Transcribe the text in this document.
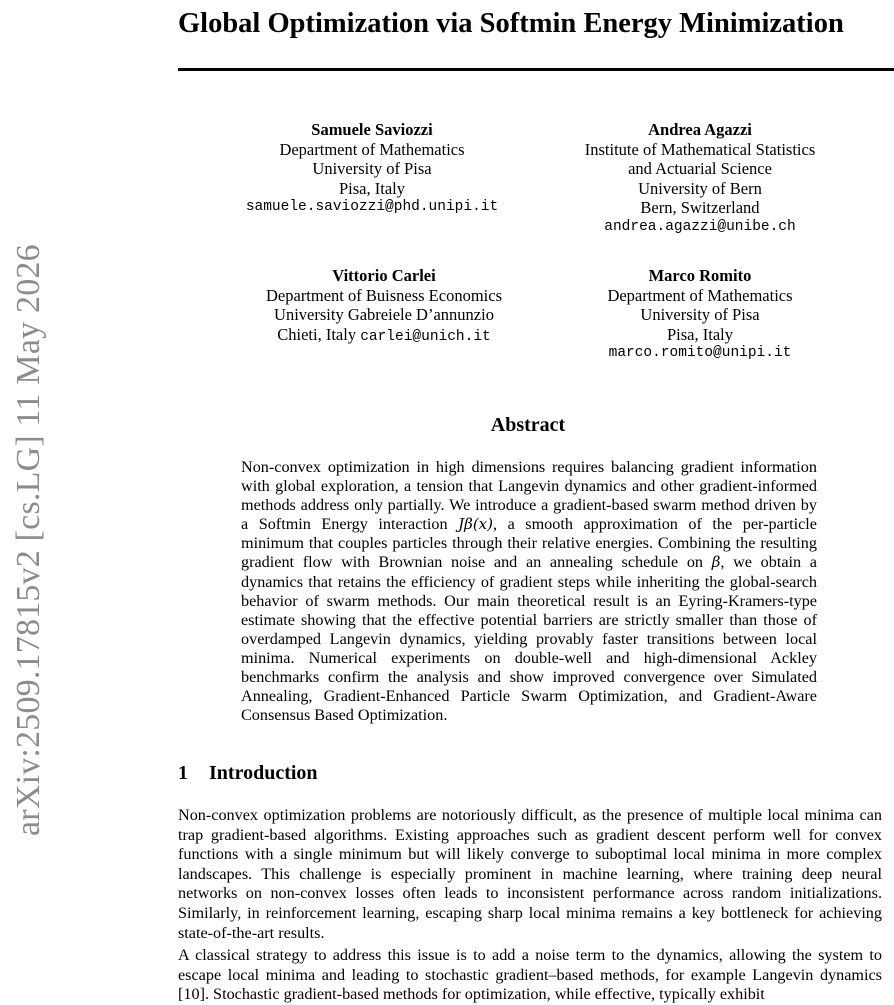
arXiv:2509.17815v2 [cs.LG] 11 May 2026
Global Optimization via Softmin Energy Minimization
Samuele Saviozzi
Department of Mathematics
University of Pisa
Pisa, Italy
samuele.saviozzi@phd.unipi.it
Andrea Agazzi
Institute of Mathematical Statistics
and Actuarial Science
University of Bern
Bern, Switzerland
andrea.agazzi@unibe.ch
Vittorio Carlei
Department of Buisness Economics
University Gabreiele D’annunzio
Chieti, Italy carlei@unich.it
Marco Romito
Department of Mathematics
University of Pisa
Pisa, Italy
marco.romito@unipi.it
Abstract

Non-convex optimization in high dimensions requires balancing gradient information with global exploration, a tension that Langevin dynamics and other gradient-informed methods address only partially. We introduce a gradient-based swarm method driven by a Softmin Energy interaction Jβ(x), a smooth approximation of the per-particle minimum that couples particles through their relative energies. Combining the resulting gradient flow with Brownian noise and an annealing schedule on β, we obtain a dynamics that retains the efficiency of gradient steps while inheriting the global-search behavior of swarm methods. Our main theoretical result is an Eyring-Kramers-type estimate showing that the effective potential barriers are strictly smaller than those of overdamped Langevin dynamics, yielding provably faster transitions between local minima. Numerical experiments on double-well and high-dimensional Ackley benchmarks confirm the analysis and show improved convergence over Simulated Annealing, Gradient-Enhanced Particle Swarm Optimization, and Gradient-Aware Consensus Based Optimization.

1 Introduction

Non-convex optimization problems are notoriously difficult, as the presence of multiple local minima can trap gradient-based algorithms. Existing approaches such as gradient descent perform well for convex functions with a single minimum but will likely converge to suboptimal local minima in more complex landscapes. This challenge is especially prominent in machine learning, where training deep neural networks on non-convex losses often leads to inconsistent performance across random initializations. Similarly, in reinforcement learning, escaping sharp local minima remains a key bottleneck for achieving state-of-the-art results.

A classical strategy to address this issue is to add a noise term to the dynamics, allowing the system to escape local minima and leading to stochastic gradient–based methods, for example Langevin dynamics [10]. Stochastic gradient-based methods for optimization, while effective, typically exhibit
